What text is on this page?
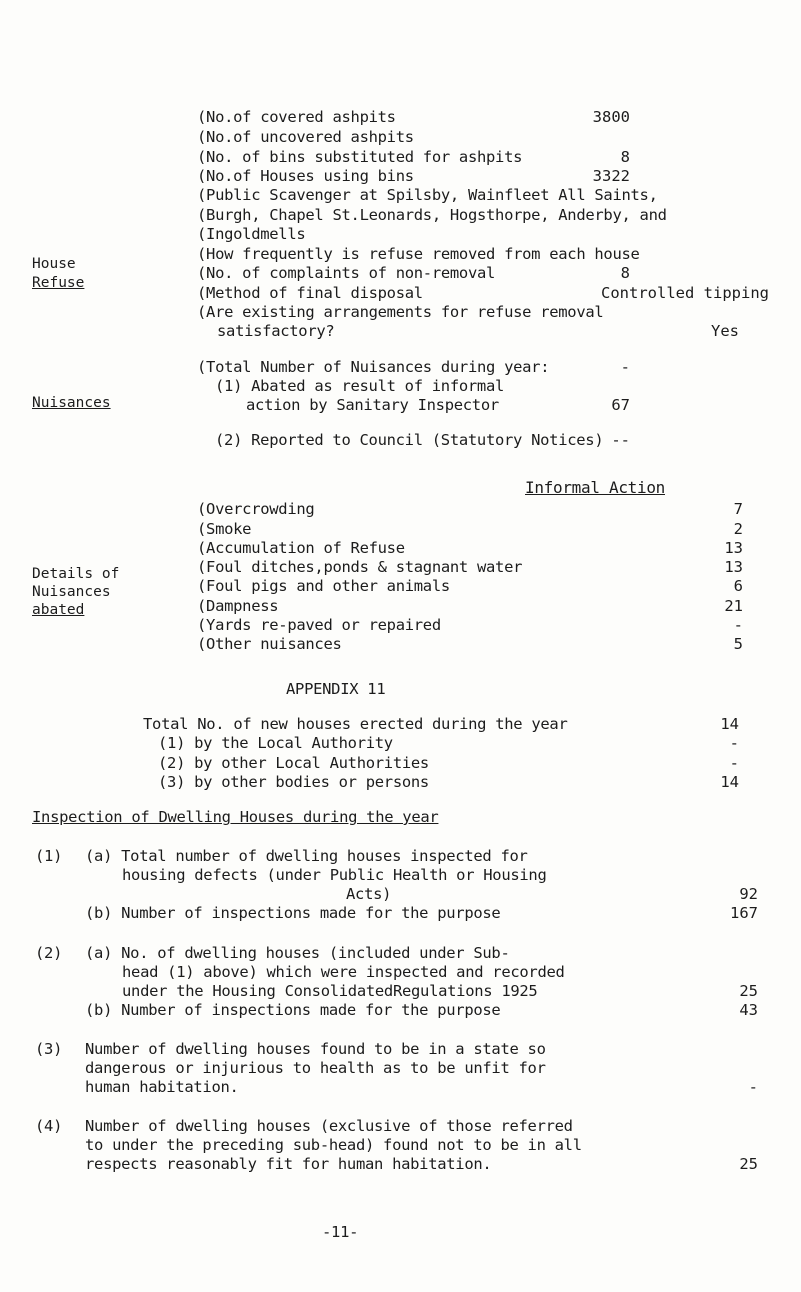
House
Refuse
(No.of covered ashpits	3800
(No.of uncovered ashpits
(No. of bins substituted for ashpits	8
(No.of Houses using bins	3322
(Public Scavenger at Spilsby, Wainfleet All Saints,
(Burgh, Chapel St.Leonards, Hogsthorpe, Anderby, and
(Ingoldmells
(How frequently is refuse removed from each house
(No. of complaints of non-removal	8
(Method of final disposal	Controlled tipping
(Are existing arrangements for refuse removal
satisfactory?	Yes
Nuisances
(Total Number of Nuisances during year:	-
(1) Abated as result of informal
action by Sanitary Inspector	67
(2) Reported to Council (Statutory Notices) --
Details of
Nuisances
abated
Informal Action
(Overcrowding	7
(Smoke	2
(Accumulation of Refuse	13
(Foul ditches,ponds & stagnant water	13
(Foul pigs and other animals	6
(Dampness	21
(Yards re-paved or repaired	-
(Other nuisances	5
APPENDIX 11
Total No. of new houses erected during the year	14
(1) by the Local Authority	-
(2) by other Local Authorities	-
(3) by other bodies or persons	14
Inspection of Dwelling Houses during the year
(1) (a) Total number of dwelling houses inspected for
housing defects (under Public Health or Housing
Acts)	92
(b) Number of inspections made for the purpose	167
(2) (a) No. of dwelling houses (included under Sub-
head (1) above) which were inspected and recorded
under the Housing ConsolidatedRegulations 1925	25
(b) Number of inspections made for the purpose	43
(3) Number of dwelling houses found to be in a state so
dangerous or injurious to health as to be unfit for
human habitation.	-
(4) Number of dwelling houses (exclusive of those referred
to under the preceding sub-head) found not to be in all
respects reasonably fit for human habitation.	25
-11-
